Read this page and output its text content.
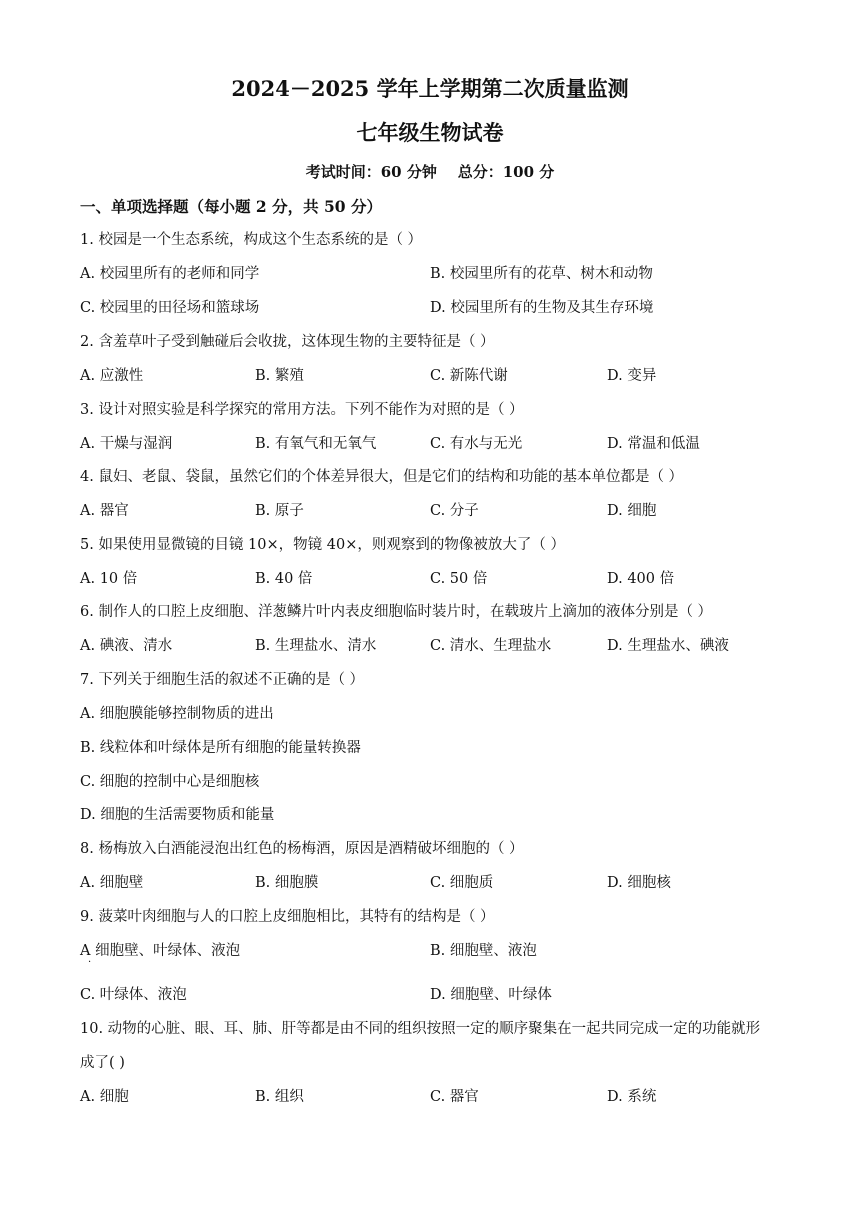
2024－2025 学年上学期第二次质量监测
七年级生物试卷
考试时间：60 分钟    总分：100 分
一、单项选择题（每小题 2 分，共 50 分）
1. 校园是一个生态系统，构成这个生态系统的是（ ）
A. 校园里所有的老师和同学	B. 校园里所有的花草、树木和动物
C. 校园里的田径场和篮球场	D. 校园里所有的生物及其生存环境
2. 含羞草叶子受到触碰后会收拢，这体现生物的主要特征是（ ）
A. 应激性	B. 繁殖	C. 新陈代谢	D. 变异
3. 设计对照实验是科学探究的常用方法。下列不能作为对照的是（ ）
A. 干燥与湿润	B. 有氧气和无氧气	C. 有水与无光	D. 常温和低温
4. 鼠妇、老鼠、袋鼠，虽然它们的个体差异很大，但是它们的结构和功能的基本单位都是（ ）
A. 器官	B. 原子	C. 分子	D. 细胞
5. 如果使用显微镜的目镜 10×，物镜 40×，则观察到的物像被放大了（ ）
A. 10 倍	B. 40 倍	C. 50 倍	D. 400 倍
6. 制作人的口腔上皮细胞、洋葱鳞片叶内表皮细胞临时装片时，在载玻片上滴加的液体分别是（ ）
A. 碘液、清水	B. 生理盐水、清水	C. 清水、生理盐水	D. 生理盐水、碘液
7. 下列关于细胞生活的叙述不正确的是（ ）
A. 细胞膜能够控制物质的进出
B. 线粒体和叶绿体是所有细胞的能量转换器
C. 细胞的控制中心是细胞核
D. 细胞的生活需要物质和能量
8. 杨梅放入白酒能浸泡出红色的杨梅酒，原因是酒精破坏细胞的（ ）
A. 细胞壁	B. 细胞膜	C. 细胞质	D. 细胞核
9. 菠菜叶肉细胞与人的口腔上皮细胞相比，其特有的结构是（ ）
A 细胞壁、叶绿体、液泡
·
B. 细胞壁、液泡
C. 叶绿体、液泡	D. 细胞壁、叶绿体
10. 动物的心脏、眼、耳、肺、肝等都是由不同的组织按照一定的顺序聚集在一起共同完成一定的功能就形
成了( )
A. 细胞	B. 组织	C. 器官	D. 系统
